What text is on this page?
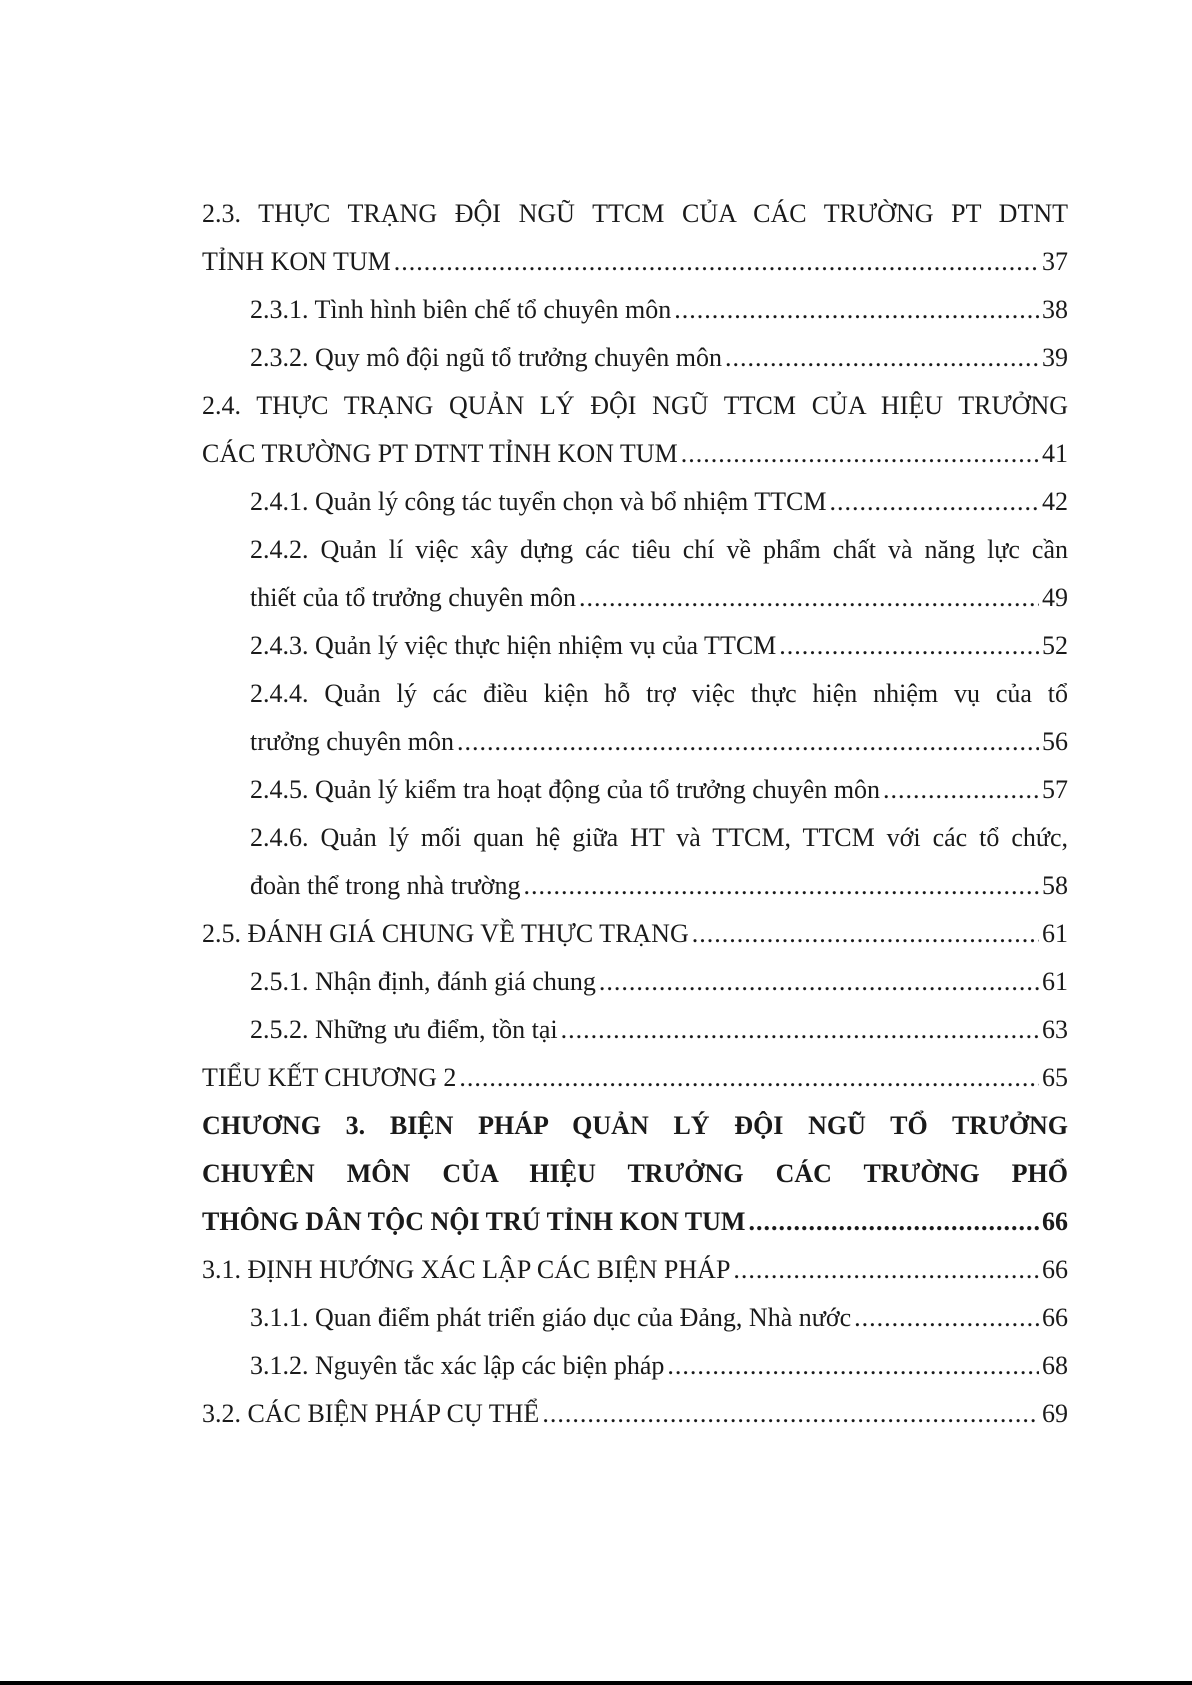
2.3. THỰC TRẠNG ĐỘI NGŨ TTCM CỦA CÁC TRƯỜNG PT DTNT
TỈNH KON TUM .....	37
2.3.1. Tình hình biên chế tổ chuyên môn .....	38
2.3.2. Quy mô đội ngũ tổ trưởng chuyên môn .....	39
2.4. THỰC TRẠNG QUẢN LÝ ĐỘI NGŨ TTCM CỦA HIỆU TRƯỞNG
CÁC TRƯỜNG PT DTNT TỈNH KON TUM .....	41
2.4.1. Quản lý công tác tuyển chọn và bổ nhiệm TTCM .....	42
2.4.2. Quản lí việc xây dựng các tiêu chí về phẩm chất và năng lực cần
thiết của tổ trưởng chuyên môn .....	49
2.4.3. Quản lý việc thực hiện nhiệm vụ của TTCM .....	52
2.4.4. Quản lý các điều kiện hỗ trợ việc thực hiện nhiệm vụ của tổ
trưởng chuyên môn .....	56
2.4.5. Quản lý kiểm tra hoạt động của tổ trưởng chuyên môn .....	57
2.4.6. Quản lý mối quan hệ giữa HT và TTCM, TTCM với các tổ chức,
đoàn thể trong nhà trường .....	58
2.5. ĐÁNH GIÁ CHUNG VỀ THỰC TRẠNG .....	61
2.5.1. Nhận định, đánh giá chung .....	61
2.5.2. Những ưu điểm, tồn tại .....	63
TIỂU KẾT CHƯƠNG 2 .....	65
CHƯƠNG 3. BIỆN PHÁP QUẢN LÝ ĐỘI NGŨ TỔ TRƯỞNG
CHUYÊN MÔN CỦA HIỆU TRƯỞNG CÁC TRƯỜNG PHỔ
THÔNG DÂN TỘC NỘI TRÚ TỈNH KON TUM .....	66
3.1. ĐỊNH HƯỚNG XÁC LẬP CÁC BIỆN PHÁP .....	66
3.1.1. Quan điểm phát triển giáo dục của Đảng, Nhà nước .....	66
3.1.2. Nguyên tắc xác lập các biện pháp .....	68
3.2. CÁC BIỆN PHÁP CỤ THỂ .....	69
